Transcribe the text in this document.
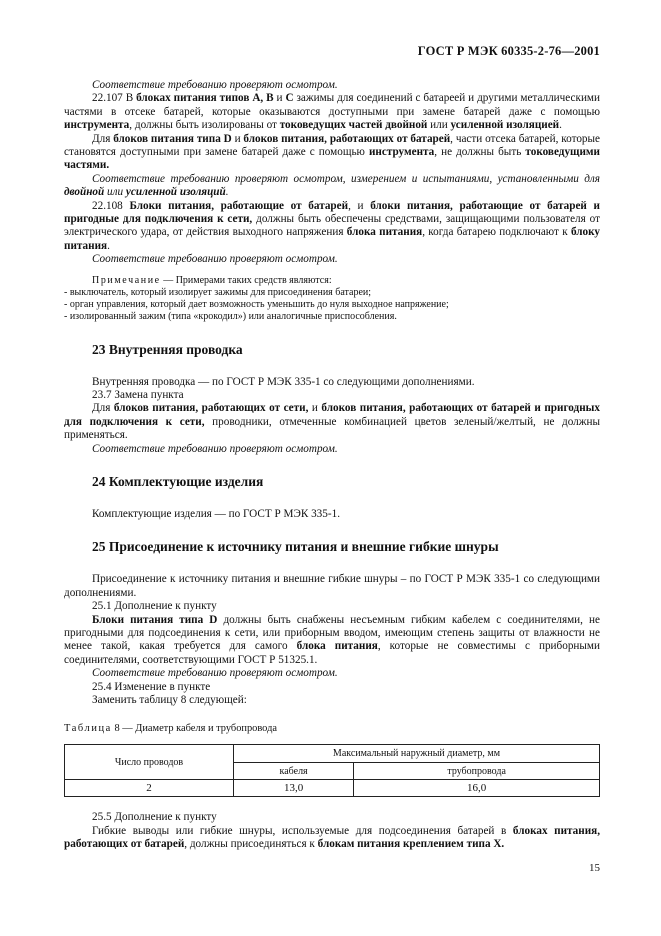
ГОСТ Р МЭК 60335-2-76—2001

Соответствие требованию проверяют осмотром.

22.107 В блоках питания типов А, В и С зажимы для соединений с батареей и другими металлическими частями в отсеке батарей, которые оказываются доступными при замене батарей даже с помощью инструмента, должны быть изолированы от токоведущих частей двойной или усиленной изоляцией.

Для блоков питания типа D и блоков питания, работающих от батарей, части отсека батарей, которые становятся доступными при замене батарей даже с помощью инструмента, не должны быть токоведущими частями.

Соответствие требованию проверяют осмотром, измерением и испытаниями, установленными для двойной или усиленной изоляций.

22.108 Блоки питания, работающие от батарей, и блоки питания, работающие от батарей и пригодные для подключения к сети, должны быть обеспечены средствами, защищающими пользователя от электрического удара, от действия выходного напряжения блока питания, когда батарею подключают к блоку питания.

Соответствие требованию проверяют осмотром.

Примечание — Примерами таких средств являются:

- выключатель, который изолирует зажимы для присоединения батареи;

- орган управления, который дает возможность уменьшить до нуля выходное напряжение;

- изолированный зажим (типа «крокодил») или аналогичные приспособления.

23 Внутренняя проводка

Внутренняя проводка — по ГОСТ Р МЭК 335-1 со следующими дополнениями.

23.7 Замена пункта

Для блоков питания, работающих от сети, и блоков питания, работающих от батарей и пригодных для подключения к сети, проводники, отмеченные комбинацией цветов зеленый/желтый, не должны применяться.

Соответствие требованию проверяют осмотром.

24 Комплектующие изделия

Комплектующие изделия — по ГОСТ Р МЭК 335-1.

25 Присоединение к источнику питания и внешние гибкие шнуры

Присоединение к источнику питания и внешние гибкие шнуры – по ГОСТ Р МЭК 335-1 со следующими дополнениями.

25.1 Дополнение к пункту

Блоки питания типа D должны быть снабжены несъемным гибким кабелем с соединителями, не пригодными для подсоединения к сети, или приборным вводом, имеющим степень защиты от влажности не менее такой, какая требуется для самого блока питания, которые не совместимы с приборными соединителями, соответствующими ГОСТ Р 51325.1.

Соответствие требованию проверяют осмотром.

25.4 Изменение в пункте

Заменить таблицу 8 следующей:

Таблица 8 — Диаметр кабеля и трубопровода
Число проводов	Максимальный наружный диаметр, мм	
	кабеля	трубопровода
2	13,0	16,0

25.5 Дополнение к пункту

Гибкие выводы или гибкие шнуры, используемые для подсоединения батарей в блоках питания, работающих от батарей, должны присоединяться к блокам питания креплением типа X.

15
